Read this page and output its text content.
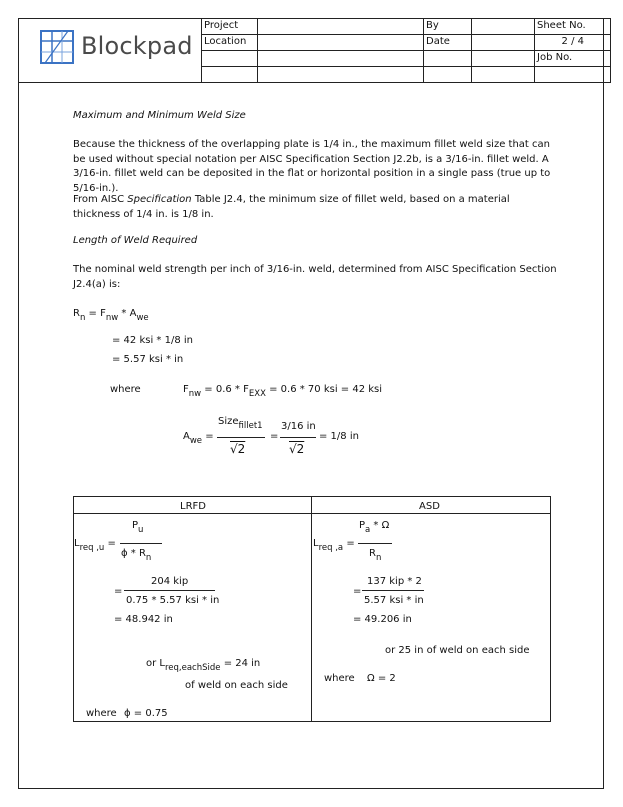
Blockpad
Project		By		Sheet No.
Location		Date		2 / 4
				Job No.

Maximum and Minimum Weld Size
Because the thickness of the overlapping plate is 1/4 in., the maximum fillet weld size that can be used without special notation per AISC Specification Section J2.2b, is a 3/16-in. fillet weld. A 3/16-in. fillet weld can be deposited in the flat or horizontal position in a single pass (true up to 5/16-in.).
From AISC Specification Table J2.4, the minimum size of fillet weld, based on a material thickness of 1/4 in. is 1/8 in.
Length of Weld Required
The nominal weld strength per inch of 3/16-in. weld, determined from AISC Specification Section J2.4(a) is:
$R_n = F_{nw} * A_{we}$
= 42 ksi * 1/8 in
= 5.57 ksi * in
where	$F_{nw} = 0.6 * F_{EXX} = 0.6 * 70$ ksi = 42 ksi
$A_{we}$ =
Size$_{fillet1}$
√2
=
3/16 in
√2
= 1/8 in
LRFD	ASD
$L_{req ,u}$ =
$P_u$
ϕ * $R_n$
204 kip
=
0.75 * 5.57 ksi * in
= 48.942 in
or $L_{req,eachSide} = 24$ in
of weld on each side
where ϕ = 0.75
$L_{req ,a}$ =
$P_a$ * Ω
$R_n$
137 kip * 2
=
5.57 ksi * in
= 49.206 in
or 25 in of weld on each side
where Ω = 2
